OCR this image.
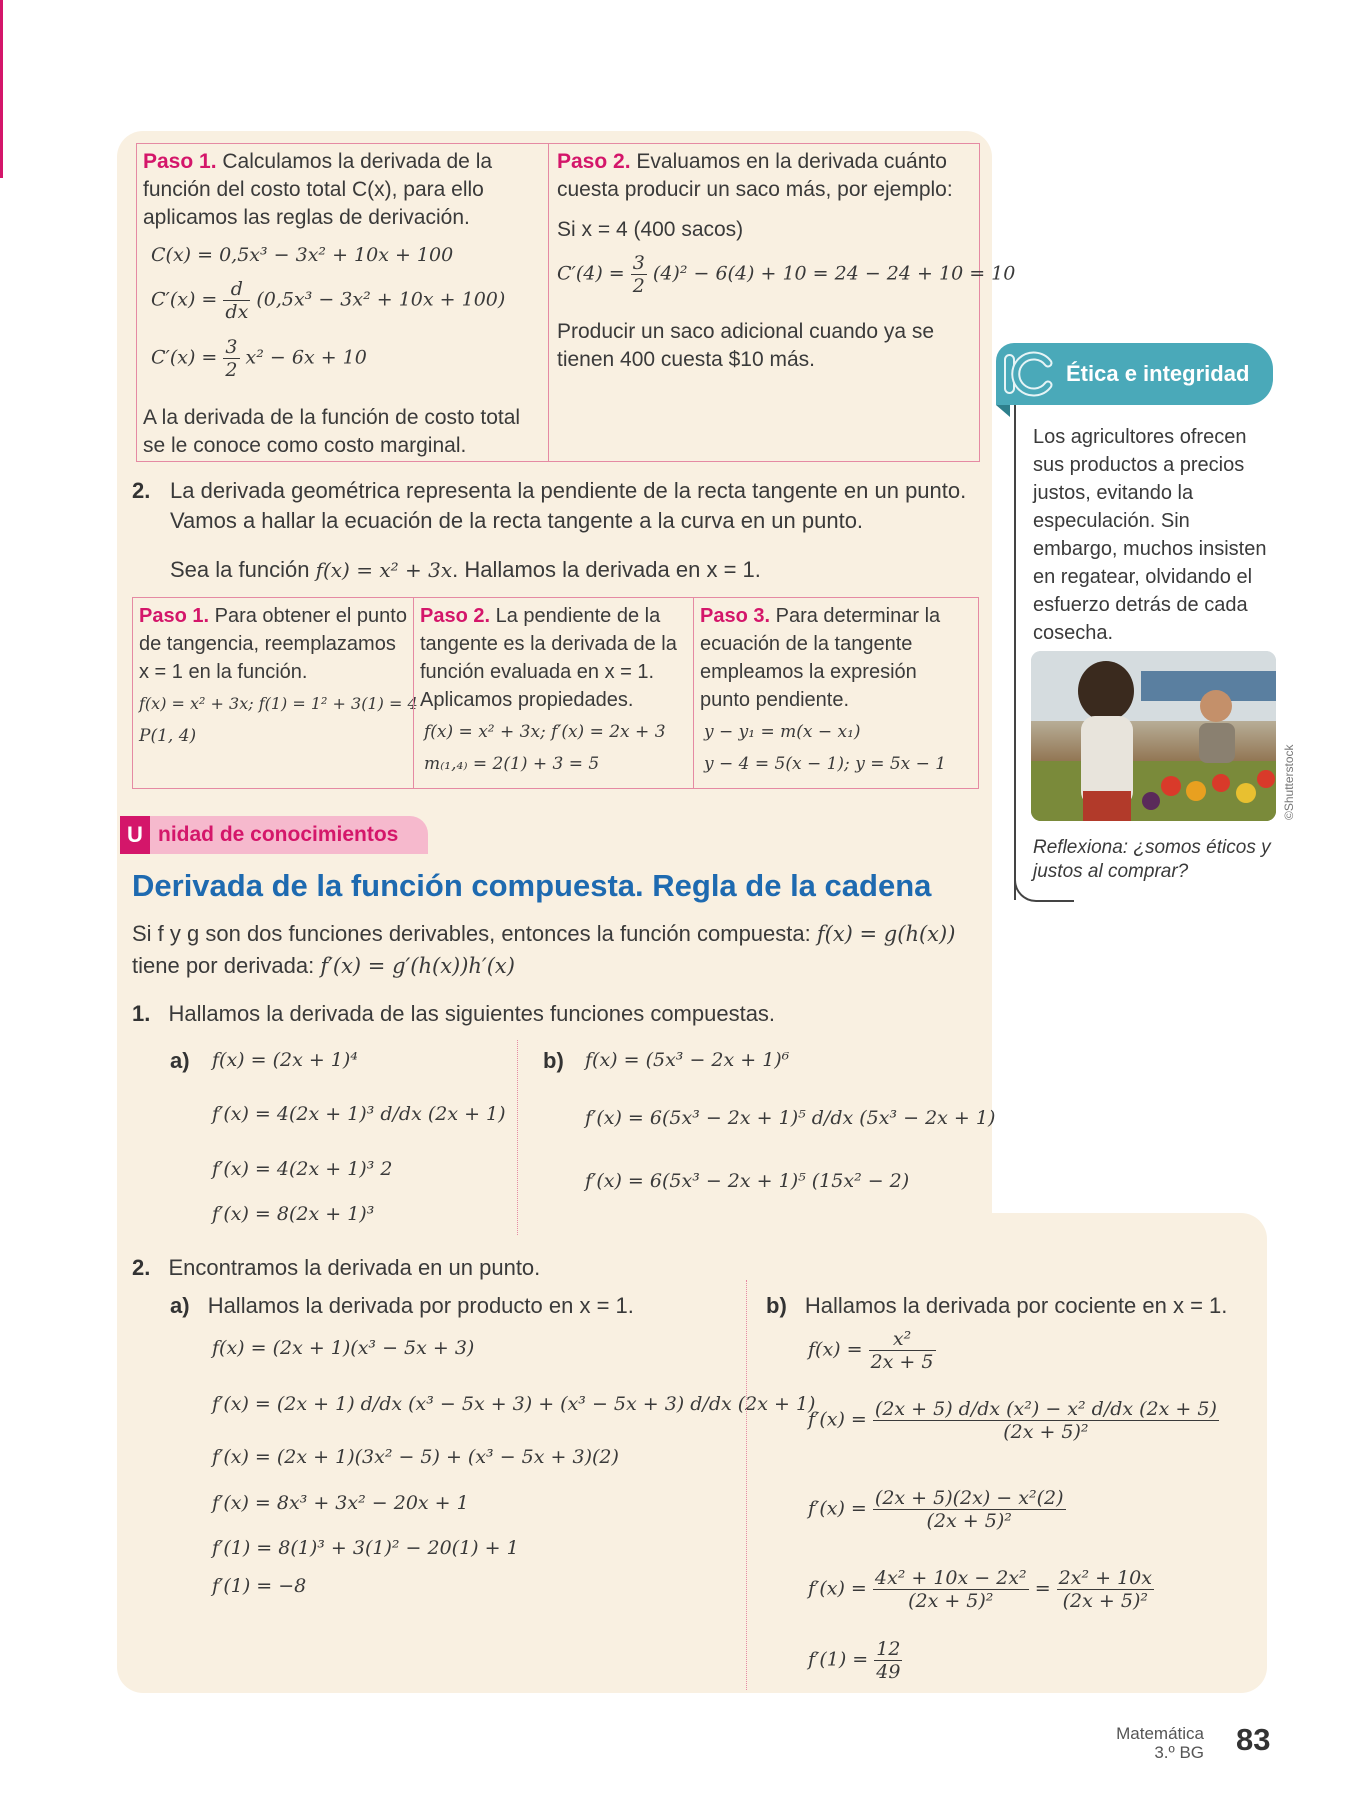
Paso 1. Calculamos la derivada de la función del costo total C(x), para ello aplicamos las reglas de derivación.
C(x) = 0,5x³ − 3x² + 10x + 100
$C'(x) = \frac{d}{dx} (0,5x^3 - 3x^2 + 10x + 100)$
$C'(x) = \frac{3}{2} x^2 - 6x + 10$
A la derivada de la función de costo total se le conoce como costo marginal.
Paso 2. Evaluamos en la derivada cuánto cuesta producir un saco más, por ejemplo:
Si x = 4 (400 sacos)
$C'(4) = \frac{3}{2} (4)^2 - 6(4) + 10 = 24 - 24 + 10 = 10$
Producir un saco adicional cuando ya se tienen 400 cuesta $10 más.
2. La derivada geométrica representa la pendiente de la recta tangente en un punto. Vamos a hallar la ecuación de la recta tangente a la curva en un punto.
Sea la función f(x) = x² + 3x. Hallamos la derivada en x = 1.
Paso 1. Para obtener el punto de tangencia, reemplazamos x = 1 en la función.
f(x) = x² + 3x; f(1) = 1² + 3(1) = 4
P(1, 4)
Paso 2. La pendiente de la tangente es la derivada de la función evaluada en x = 1. Aplicamos propiedades.
f(x) = x² + 3x; f′(x) = 2x + 3
m₍₁,₄₎ = 2(1) + 3 = 5
Paso 3. Para determinar la ecuación de la tangente empleamos la expresión punto pendiente.
y − y₁ = m(x − x₁)
y − 4 = 5(x − 1); y = 5x − 1
U nidad de conocimientos
Derivada de la función compuesta. Regla de la cadena
Si f y g son dos funciones derivables, entonces la función compuesta: f(x) = g(h(x))
tiene por derivada: f′(x) = g′(h(x))h′(x)
1. Hallamos la derivada de las siguientes funciones compuestas.
a) f(x) = (2x + 1)⁴
f′(x) = 4(2x + 1)³ d/dx (2x + 1)
f′(x) = 4(2x + 1)³ 2
f′(x) = 8(2x + 1)³
b) f(x) = (5x³ − 2x + 1)⁶
f′(x) = 6(5x³ − 2x + 1)⁵ d/dx (5x³ − 2x + 1)
f′(x) = 6(5x³ − 2x + 1)⁵ (15x² − 2)
2. Encontramos la derivada en un punto.
a) Hallamos la derivada por producto en x = 1.
f(x) = (2x + 1)(x³ − 5x + 3)
f′(x) = (2x + 1) d/dx (x³ − 5x + 3) + (x³ − 5x + 3) d/dx (2x + 1)
f′(x) = (2x + 1)(3x² − 5) + (x³ − 5x + 3)(2)
f′(x) = 8x³ + 3x² − 20x + 1
f′(1) = 8(1)³ + 3(1)² − 20(1) + 1
f′(1) = −8
b) Hallamos la derivada por cociente en x = 1.
$f(x) = \frac{\text{x²}}{2x + 5}$
$f'(x) = \frac{\text{(2x + 5) d/dx (x²) − x² d/dx (2x + 5)}}{\text{(2x + 5)²}}$
$f'(x) = \frac{\text{(2x + 5)(2x) − x²(2)}}{\text{(2x + 5)²}}$
$f'(x) = \frac{\text{4x² + 10x − 2x²}}{\text{(2x + 5)²}} = \frac{\text{2x² + 10x}}{\text{(2x + 5)²}}$
$f'(1) = \frac{12}{49}$
Ética e integridad
Los agricultores ofrecen sus productos a precios justos, evitando la especulación. Sin embargo, muchos insisten en regatear, olvidando el esfuerzo detrás de cada cosecha.
©Shutterstock
Reflexiona: ¿somos éticos y justos al comprar?
Matemática
3.º BG 83
